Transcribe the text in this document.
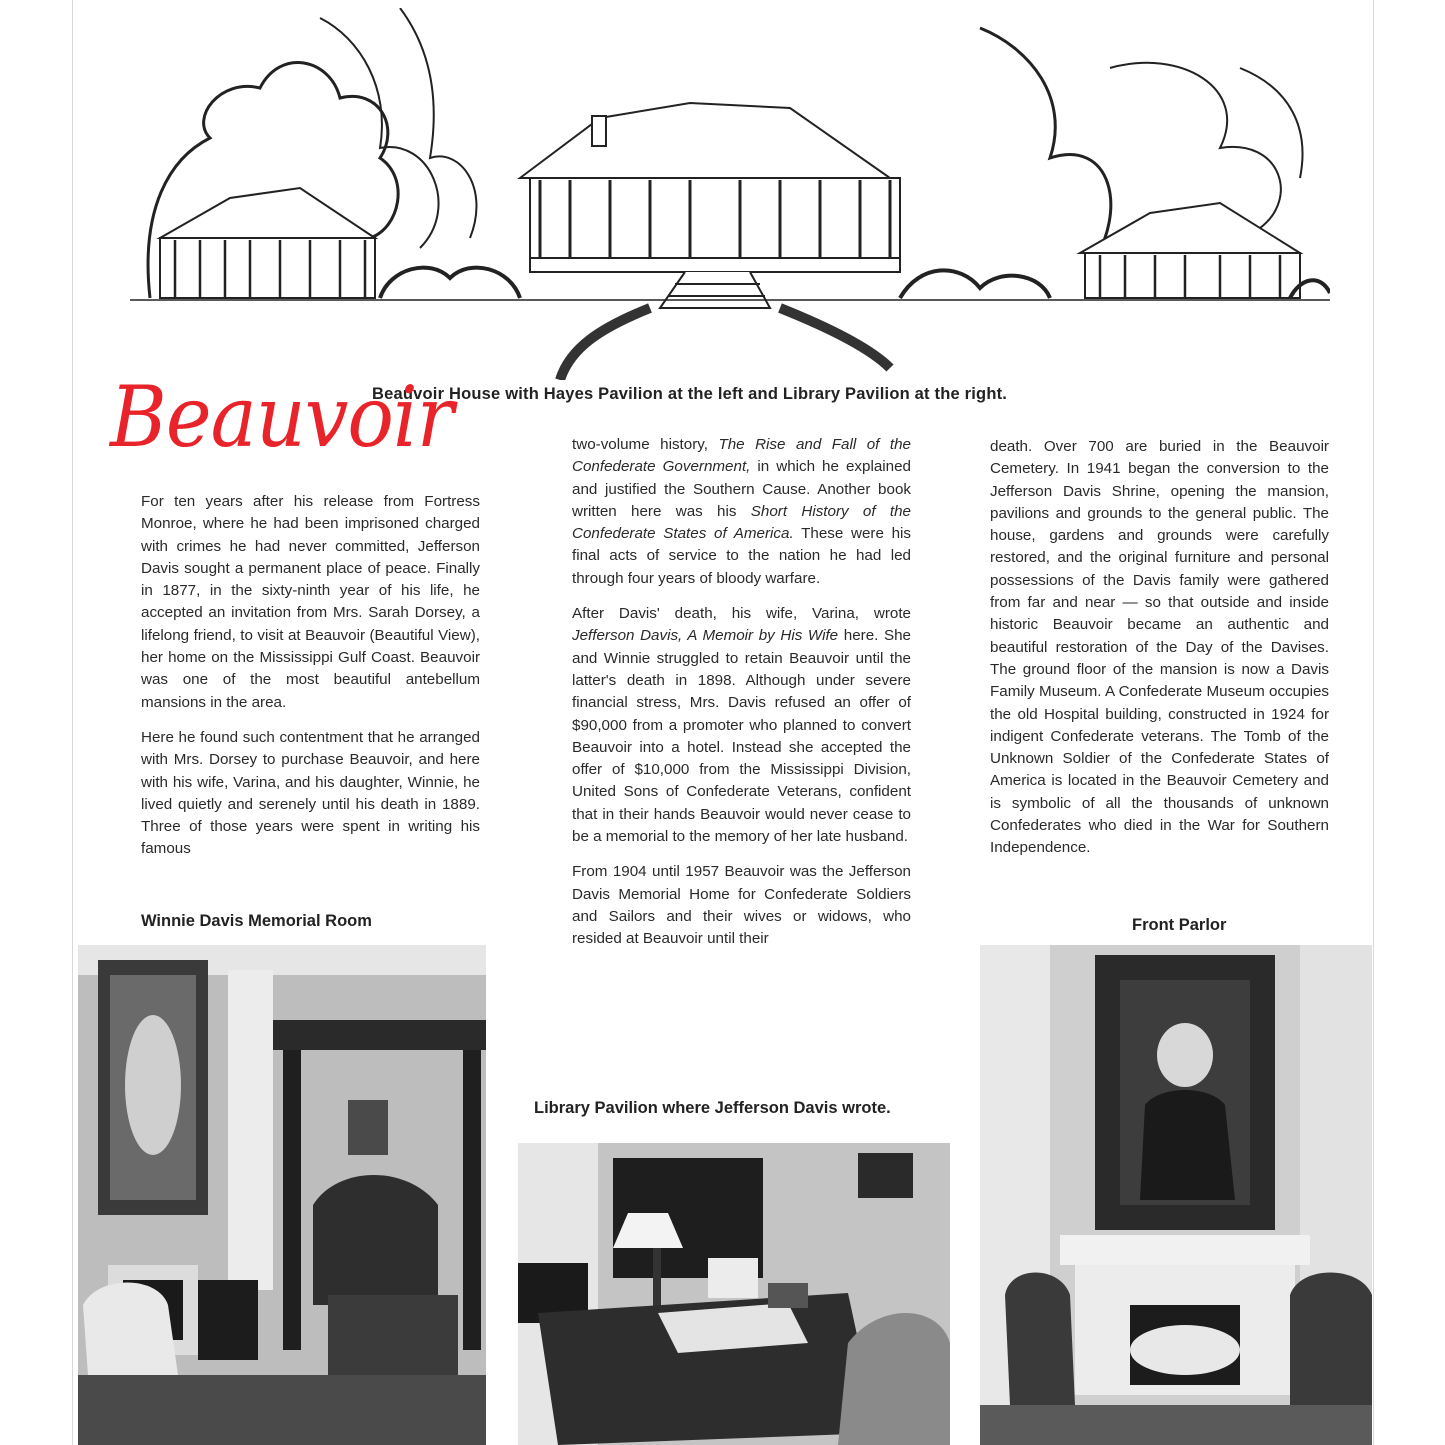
Beauvoir House with Hayes Pavilion at the left and Library Pavilion at the right.
Beauvoir

For ten years after his release from Fortress Monroe, where he had been imprisoned charged with crimes he had never committed, Jefferson Davis sought a permanent place of peace. Finally in 1877, in the sixty-ninth year of his life, he accepted an invitation from Mrs. Sarah Dorsey, a lifelong friend, to visit at Beauvoir (Beautiful View), her home on the Mississippi Gulf Coast. Beauvoir was one of the most beautiful antebellum mansions in the area.

Here he found such contentment that he arranged with Mrs. Dorsey to purchase Beauvoir, and here with his wife, Varina, and his daughter, Winnie, he lived quietly and serenely until his death in 1889. Three of those years were spent in writing his famous

two-volume history, The Rise and Fall of the Confederate Government, in which he explained and justified the Southern Cause. Another book written here was his Short History of the Confederate States of America. These were his final acts of service to the nation he had led through four years of bloody warfare.

After Davis' death, his wife, Varina, wrote Jefferson Davis, A Memoir by His Wife here. She and Winnie struggled to retain Beauvoir until the latter's death in 1898. Although under severe financial stress, Mrs. Davis refused an offer of $90,000 from a promoter who planned to convert Beauvoir into a hotel. Instead she accepted the offer of $10,000 from the Mississippi Division, United Sons of Confederate Veterans, confident that in their hands Beauvoir would never cease to be a memorial to the memory of her late husband.

From 1904 until 1957 Beauvoir was the Jefferson Davis Memorial Home for Confederate Soldiers and Sailors and their wives or widows, who resided at Beauvoir until their

death. Over 700 are buried in the Beauvoir Cemetery. In 1941 began the conversion to the Jefferson Davis Shrine, opening the mansion, pavilions and grounds to the general public. The house, gardens and grounds were carefully restored, and the original furniture and personal possessions of the Davis family were gathered from far and near — so that outside and inside historic Beauvoir became an authentic and beautiful restoration of the Day of the Davises. The ground floor of the mansion is now a Davis Family Museum. A Confederate Museum occupies the old Hospital building, constructed in 1924 for indigent Confederate veterans. The Tomb of the Unknown Soldier of the Confederate States of America is located in the Beauvoir Cemetery and is symbolic of all the thousands of unknown Confederates who died in the War for Southern Independence.

Winnie Davis Memorial Room
Library Pavilion where Jefferson Davis wrote.
Front Parlor
